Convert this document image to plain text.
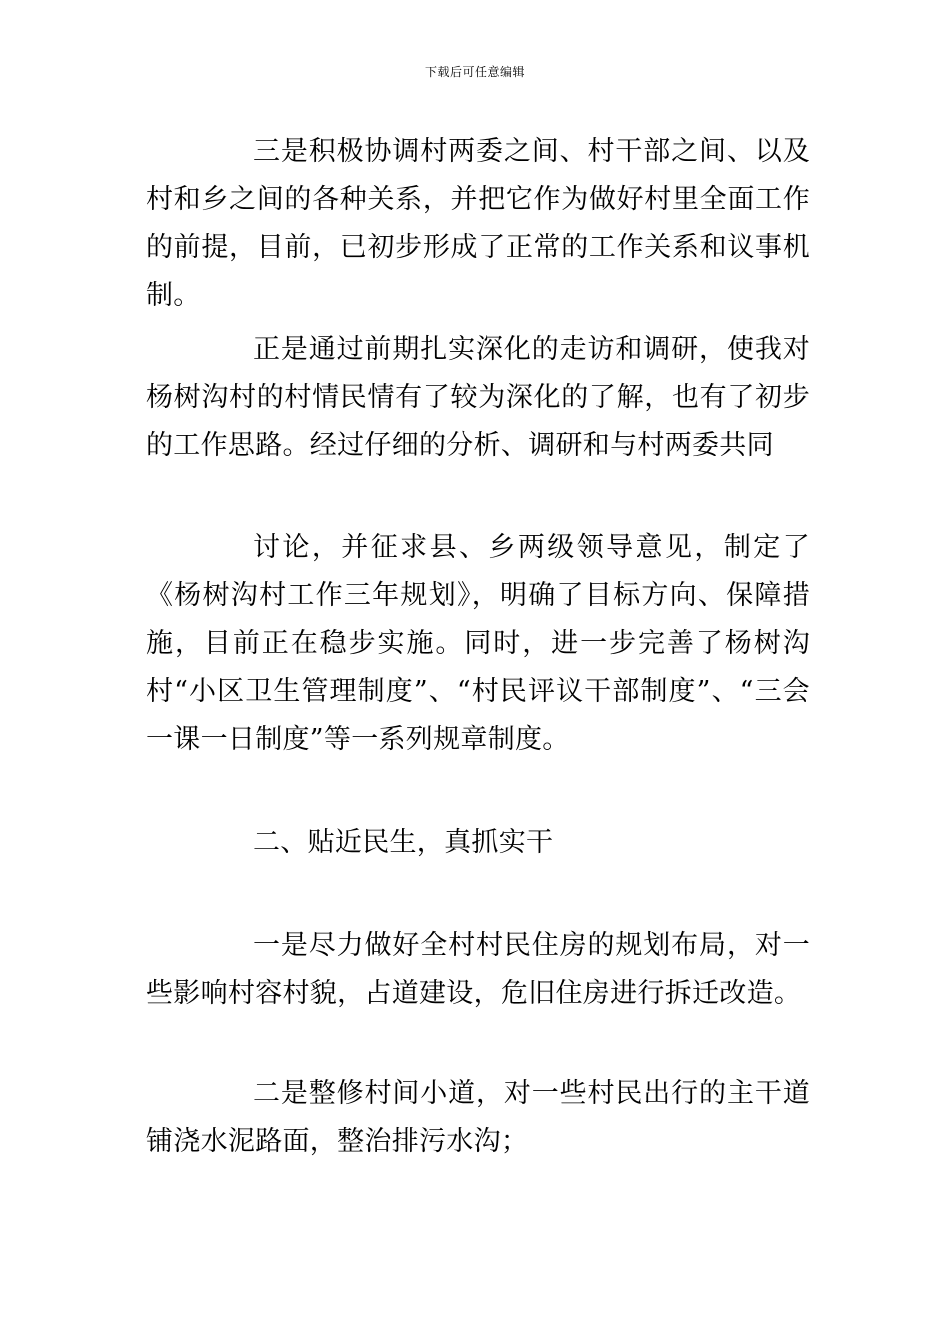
下载后可任意编辑

三是积极协调村两委之间、村干部之间、以及村和乡之间的各种关系，并把它作为做好村里全面工作的前提，目前，已初步形成了正常的工作关系和议事机制。

正是通过前期扎实深化的走访和调研，使我对杨树沟村的村情民情有了较为深化的了解，也有了初步的工作思路。经过仔细的分析、调研和与村两委共同

讨论，并征求县、乡两级领导意见，制定了《杨树沟村工作三年规划》，明确了目标方向、保障措施，目前正在稳步实施。同时，进一步完善了杨树沟村“小区卫生管理制度”、“村民评议干部制度”、“三会一课一日制度”等一系列规章制度。

二、贴近民生，真抓实干

一是尽力做好全村村民住房的规划布局，对一些影响村容村貌，占道建设，危旧住房进行拆迁改造。

二是整修村间小道，对一些村民出行的主干道铺浇水泥路面，整治排污水沟；
